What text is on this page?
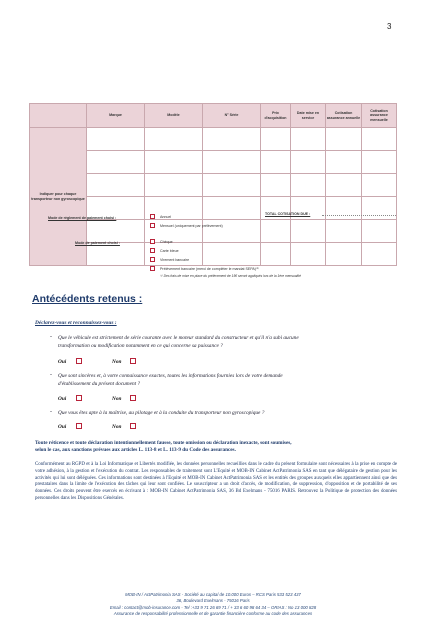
3
	Marque	Modèle	N° Série	Prix d'acquisition	Date mise en service	Cotisation assurance annuelle	Cotisation assurance mensuelle
Indiquer pour chaque transporteur non gyroscopique							

Mode de règlement de paiement choisi :	Annuel
Mensuel (uniquement par prélèvement)
TOTAL COTISATION DUE :
Mode de paiement choisi :	Chèque
Carte bleue
Virement bancaire
Prélèvement bancaire (merci de compléter le mandat SEPA)⁽¹⁾
⁽¹⁾ Des frais de mise en place du prélèvement de 15€ seront appliqués lors de la 1ère mensualité
Antécédents retenus :
Déclarez-vous et reconnaissez-vous :
- Que le véhicule est strictement de série courante avec le moteur standard du constructeur et qu'il n'a subi aucune
transformation ou modification notamment en ce qui concerne sa puissance ?
Oui	Non
- Que sont sincères et, à votre connaissance exactes, toutes les informations fournies lors de votre demande
d'établissement du présent document ?
Oui	Non
- Que vous êtes apte à la maîtrise, au pilotage et à la conduite du transporteur non gyroscopique ?
Oui	Non
Toute réticence et toute déclaration intentionnellement fausse, toute omission ou déclaration inexacte, sont soumises,
selon le cas, aux sanctions prévues aux articles L. 113-8 et L. 113-9 du Code des assurances.
Conformément au RGPD et à la Loi Informatique et Libertés modifiée, les données personnelles recueillies dans le cadre du présent formulaire sont nécessaires à la prise en compte de votre adhésion, à la gestion et l'exécution du contrat. Les responsables de traitement sont L'Equité et MOB-IN Cabinet ActPatrimonia SAS en tant que délégataire de gestion pour les activités qui lui sont déléguées. Ces informations sont destinées à l'Equité et MOB-IN Cabinet ActPatrimonia SAS et les entités des groupes auxquels elles appartiennent ainsi que des prestataires dans la limite de l'exécution des tâches qui leur sont confiées. Le souscripteur a un droit d'accès, de modification, de suppression, d'opposition et de portabilité de ses données. Ces droits peuvent être exercés en écrivant à : MOB-IN Cabinet ActPatrimonia SAS, 36 Bd Exelmans - 75016 PARIS. Retrouvez la Politique de protection des données personnelles dans les Dispositions Générales.
MOB-IN / ActPatrimonia SAS - Société au capital de 10.000 Euros – RCS Paris 533 523 437
36, Boulevard Exelmans - 75016 Paris
Email : contact@mob-insurance.com - Tel :+33 9 71 26 69 71 / + 33 6 60 98 64 34 – ORIAS : No 13 000 828
Assurance de responsabilité professionnelle et de garantie financière conforme au code des assurances
